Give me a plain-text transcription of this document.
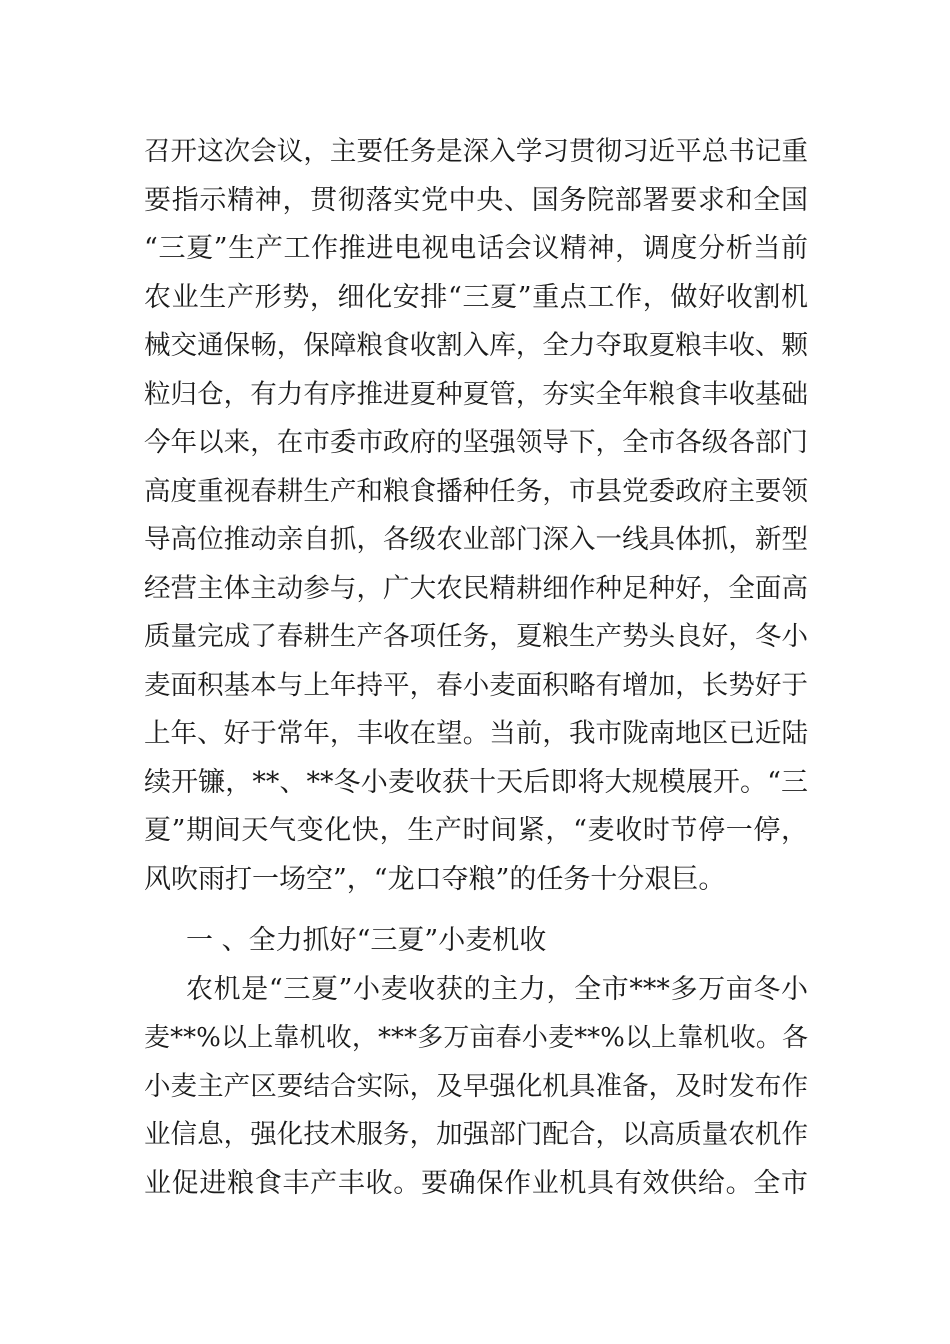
召开这次会议，主要任务是深入学习贯彻习近平总书记重
要指示精神，贯彻落实党中央、国务院部署要求和全国
“三夏”生产工作推进电视电话会议精神，调度分析当前
农业生产形势，细化安排“三夏”重点工作，做好收割机
械交通保畅，保障粮食收割入库，全力夺取夏粮丰收、颗
粒归仓，有力有序推进夏种夏管，夯实全年粮食丰收基础
今年以来，在市委市政府的坚强领导下，全市各级各部门
高度重视春耕生产和粮食播种任务，市县党委政府主要领
导高位推动亲自抓，各级农业部门深入一线具体抓，新型
经营主体主动参与，广大农民精耕细作种足种好，全面高
质量完成了春耕生产各项任务，夏粮生产势头良好，冬小
麦面积基本与上年持平，春小麦面积略有增加，长势好于
上年、好于常年，丰收在望。当前，我市陇南地区已近陆
续开镰，**、**冬小麦收获十天后即将大规模展开。“三
夏”期间天气变化快，生产时间紧，“麦收时节停一停，
风吹雨打一场空”，“龙口夺粮”的任务十分艰巨。
一 、全力抓好“三夏”小麦机收
农机是“三夏”小麦收获的主力，全市***多万亩冬小
麦**%以上靠机收，***多万亩春小麦**%以上靠机收。各
小麦主产区要结合实际，及早强化机具准备，及时发布作
业信息，强化技术服务，加强部门配合，以高质量农机作
业促进粮食丰产丰收。要确保作业机具有效供给。全市
